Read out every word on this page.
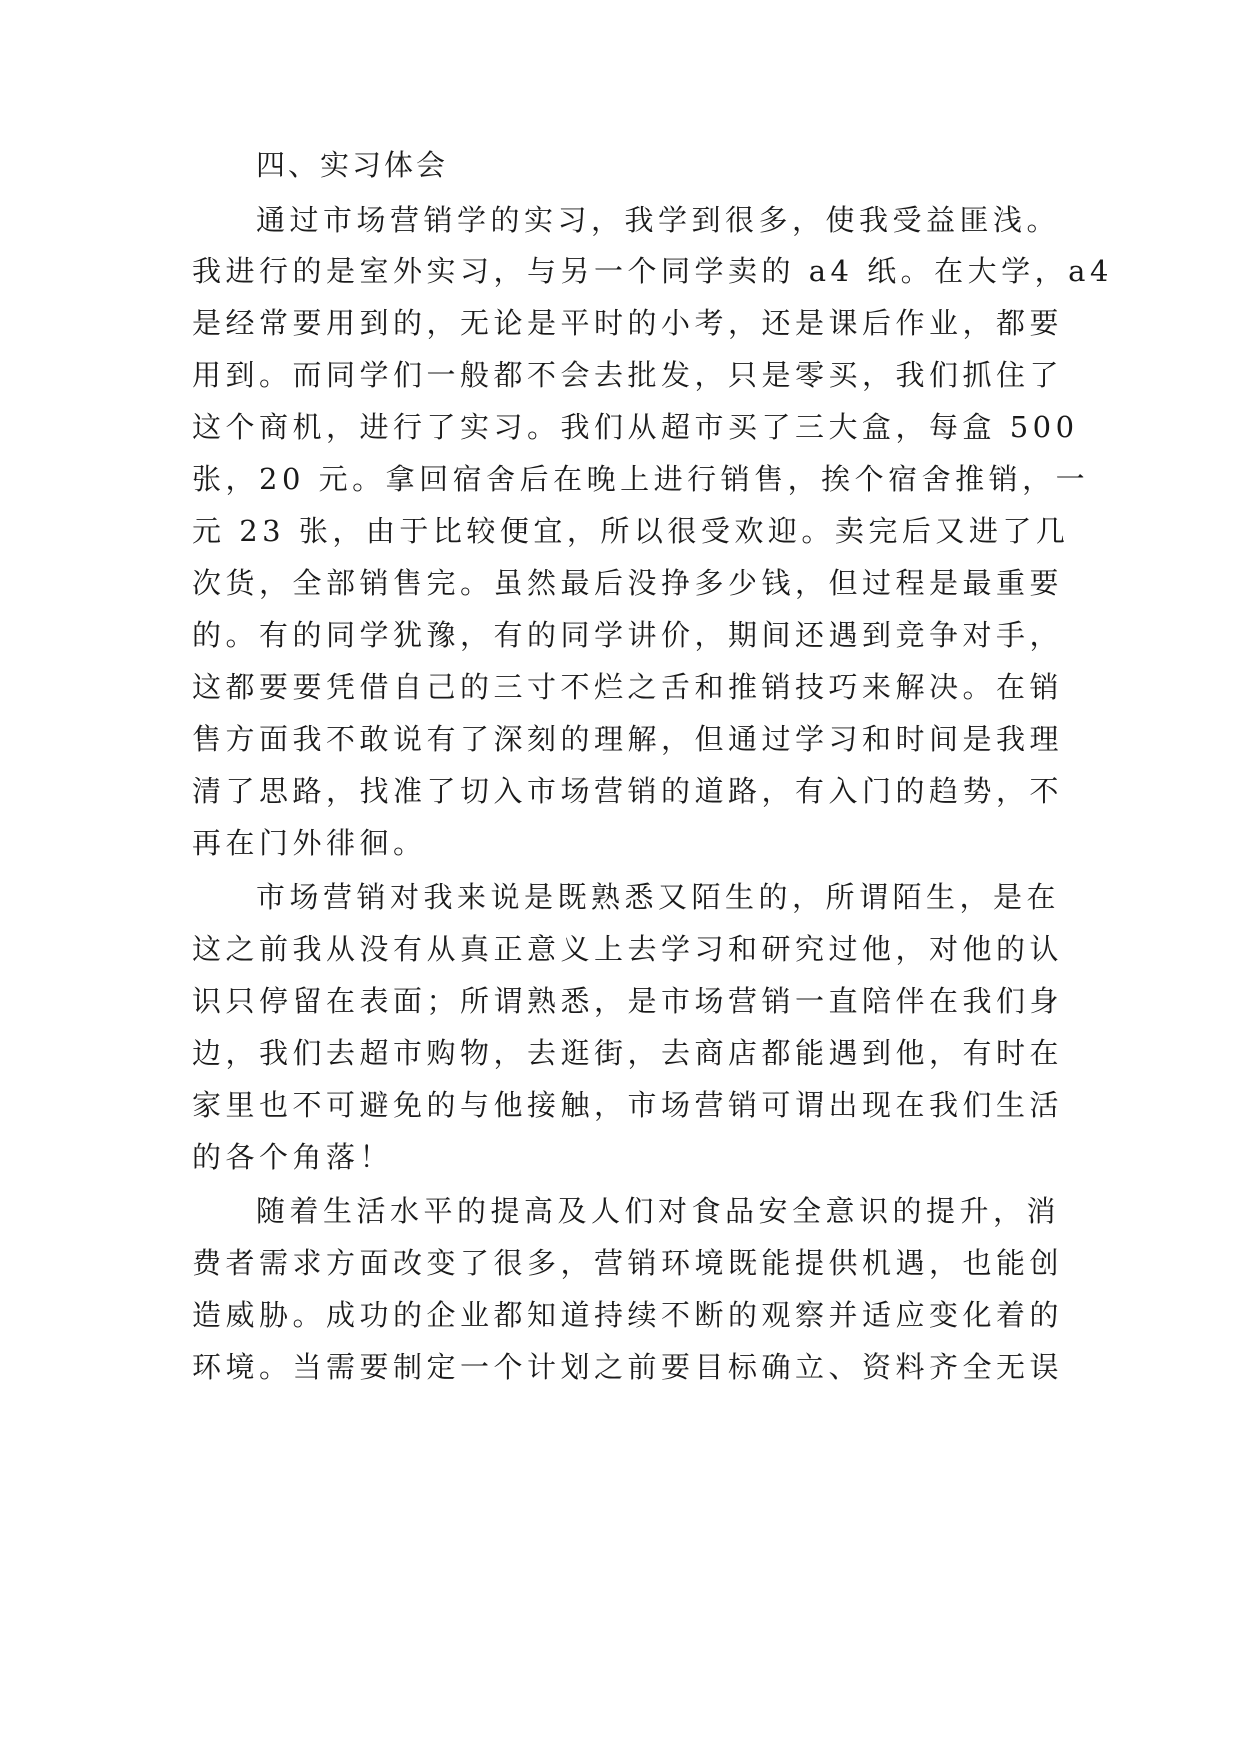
四、实习体会
通过市场营销学的实习，我学到很多，使我受益匪浅。
我进行的是室外实习，与另一个同学卖的 a4 纸。在大学，a4
是经常要用到的，无论是平时的小考，还是课后作业，都要
用到。而同学们一般都不会去批发，只是零买，我们抓住了
这个商机，进行了实习。我们从超市买了三大盒，每盒 500
张，20 元。拿回宿舍后在晚上进行销售，挨个宿舍推销，一
元 23 张，由于比较便宜，所以很受欢迎。卖完后又进了几
次货，全部销售完。虽然最后没挣多少钱，但过程是最重要
的。有的同学犹豫，有的同学讲价，期间还遇到竞争对手，
这都要要凭借自己的三寸不烂之舌和推销技巧来解决。在销
售方面我不敢说有了深刻的理解，但通过学习和时间是我理
清了思路，找准了切入市场营销的道路，有入门的趋势，不
再在门外徘徊。
市场营销对我来说是既熟悉又陌生的，所谓陌生，是在
这之前我从没有从真正意义上去学习和研究过他，对他的认
识只停留在表面；所谓熟悉，是市场营销一直陪伴在我们身
边，我们去超市购物，去逛街，去商店都能遇到他，有时在
家里也不可避免的与他接触，市场营销可谓出现在我们生活
的各个角落！
随着生活水平的提高及人们对食品安全意识的提升，消
费者需求方面改变了很多，营销环境既能提供机遇，也能创
造威胁。成功的企业都知道持续不断的观察并适应变化着的
环境。当需要制定一个计划之前要目标确立、资料齐全无误
